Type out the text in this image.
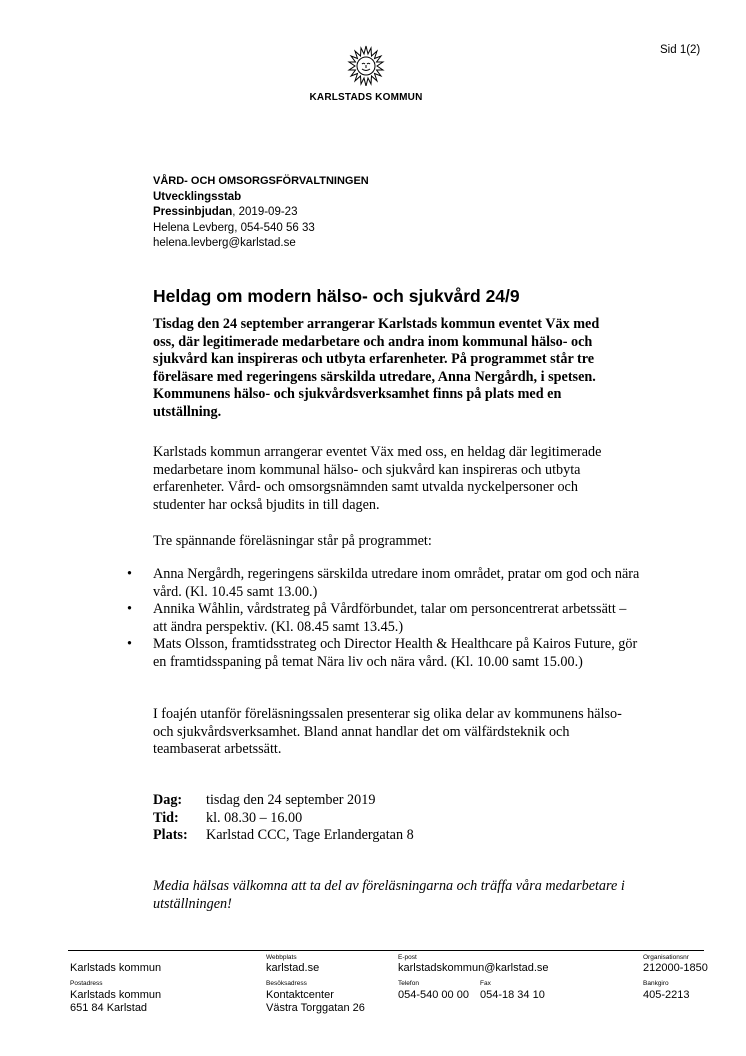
Sid 1(2)
KARLSTADS KOMMUN
VÅRD- OCH OMSORGSFÖRVALTNINGEN
Utvecklingsstab
Pressinbjudan, 2019-09-23
Helena Levberg, 054-540 56 33
helena.levberg@karlstad.se
Heldag om modern hälso- och sjukvård 24/9
Tisdag den 24 september arrangerar Karlstads kommun eventet Väx med oss, där legitimerade medarbetare och andra inom kommunal hälso- och sjukvård kan inspireras och utbyta erfarenheter. På programmet står tre föreläsare med regeringens särskilda utredare, Anna Nergårdh, i spetsen. Kommunens hälso- och sjukvårdsverksamhet finns på plats med en utställning.
Karlstads kommun arrangerar eventet Väx med oss, en heldag där legitimerade medarbetare inom kommunal hälso- och sjukvård kan inspireras och utbyta erfarenheter. Vård- och omsorgsnämnden samt utvalda nyckelpersoner och studenter har också bjudits in till dagen.
Tre spännande föreläsningar står på programmet:
• Anna Nergårdh, regeringens särskilda utredare inom området, pratar om god och nära vård. (Kl. 10.45 samt 13.00.)
• Annika Wåhlin, vårdstrateg på Vårdförbundet, talar om personcentrerat arbetssätt – att ändra perspektiv. (Kl. 08.45 samt 13.45.)
• Mats Olsson, framtidsstrateg och Director Health & Healthcare på Kairos Future, gör en framtidsspaning på temat Nära liv och nära vård. (Kl. 10.00 samt 15.00.)
I foajén utanför föreläsningssalen presenterar sig olika delar av kommunens hälso- och sjukvårdsverksamhet. Bland annat handlar det om välfärdsteknik och teambaserat arbetssätt.
Dag:	tisdag den 24 september 2019
Tid:	kl. 08.30 – 16.00
Plats:	Karlstad CCC, Tage Erlandergatan 8
Media hälsas välkomna att ta del av föreläsningarna och träffa våra medarbetare i utställningen!
Karlstads kommun
Webbplats
karlstad.se
E-post
karlstadskommun@karlstad.se
Organisationsnr
212000-1850
Postadress
Karlstads kommun
651 84 Karlstad
Besöksadress
Kontaktcenter
Västra Torggatan 26
Telefon
054-540 00 00
Fax
054-18 34 10
Bankgiro
405-2213
